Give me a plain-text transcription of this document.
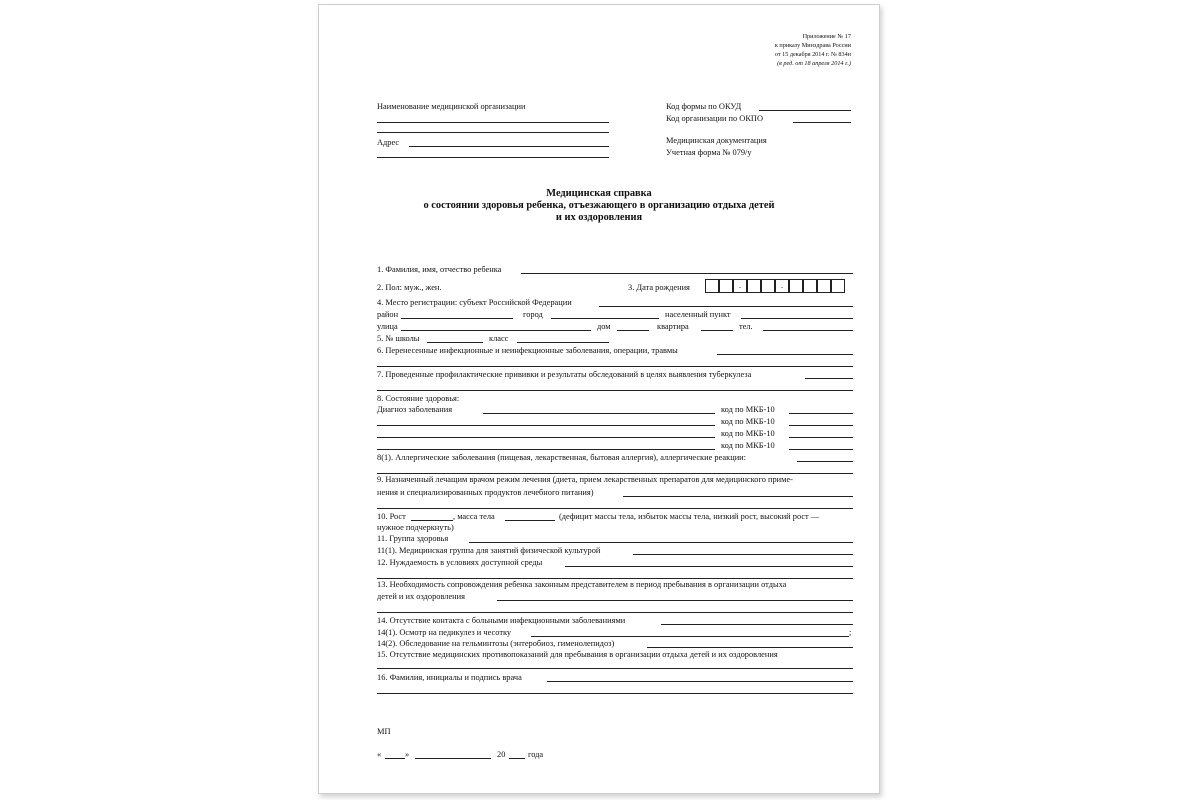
Приложение № 17
к приказу Минздрава России
от 15 декабря 2014 г. № 834н
(в ред. от 18 апреля 2014 г.)
Наименование медицинской организации
Адрес
Код формы по ОКУД
Код организации по ОКПО
Медицинская документация
Учетная форма № 079/у
Медицинская справка
о состоянии здоровья ребенка, отъезжающего в организацию отдыха детей
и их оздоровления
1. Фамилия, имя, отчество ребенка
2. Пол: муж., жен.	3. Дата рождения	.	.
4. Место регистрации: субъект Российской Федерации
район	город	населенный пункт
улица	дом	квартира	тел.
5. № школы	класс
6. Перенесенные инфекционные и неинфекционные заболевания, операции, травмы
7. Проведенные профилактические прививки и результаты обследований в целях выявления туберкулеза
8. Состояние здоровья:
Диагноз заболевания	код по МКБ-10
код по МКБ-10
код по МКБ-10
код по МКБ-10
8(1). Аллергические заболевания (пищевая, лекарственная, бытовая аллергия), аллергические реакции:
9. Назначенный лечащим врачом режим лечения (диета, прием лекарственных препаратов для медицинского приме-
нения и специализированных продуктов лечебного питания)
10. Рост	, масса тела	(дефицит массы тела, избыток массы тела, низкий рост, высокий рост —
нужное подчеркнуть)
11. Группа здоровья
11(1). Медицинская группа для занятий физической культурой
12. Нуждаемость в условиях доступной среды
13. Необходимость сопровождения ребенка законным представителем в период пребывания в организации отдыха
детей и их оздоровления
14. Отсутствие контакта с больными инфекционными заболеваниями
14(1). Осмотр на педикулез и чесотку	;
14(2). Обследование на гельминтозы (энтеробиоз, гименолепидоз)
15. Отсутствие медицинских противопоказаний для пребывания в организации отдыха детей и их оздоровления
16. Фамилия, инициалы и подпись врача
МП
«	»	20	года
